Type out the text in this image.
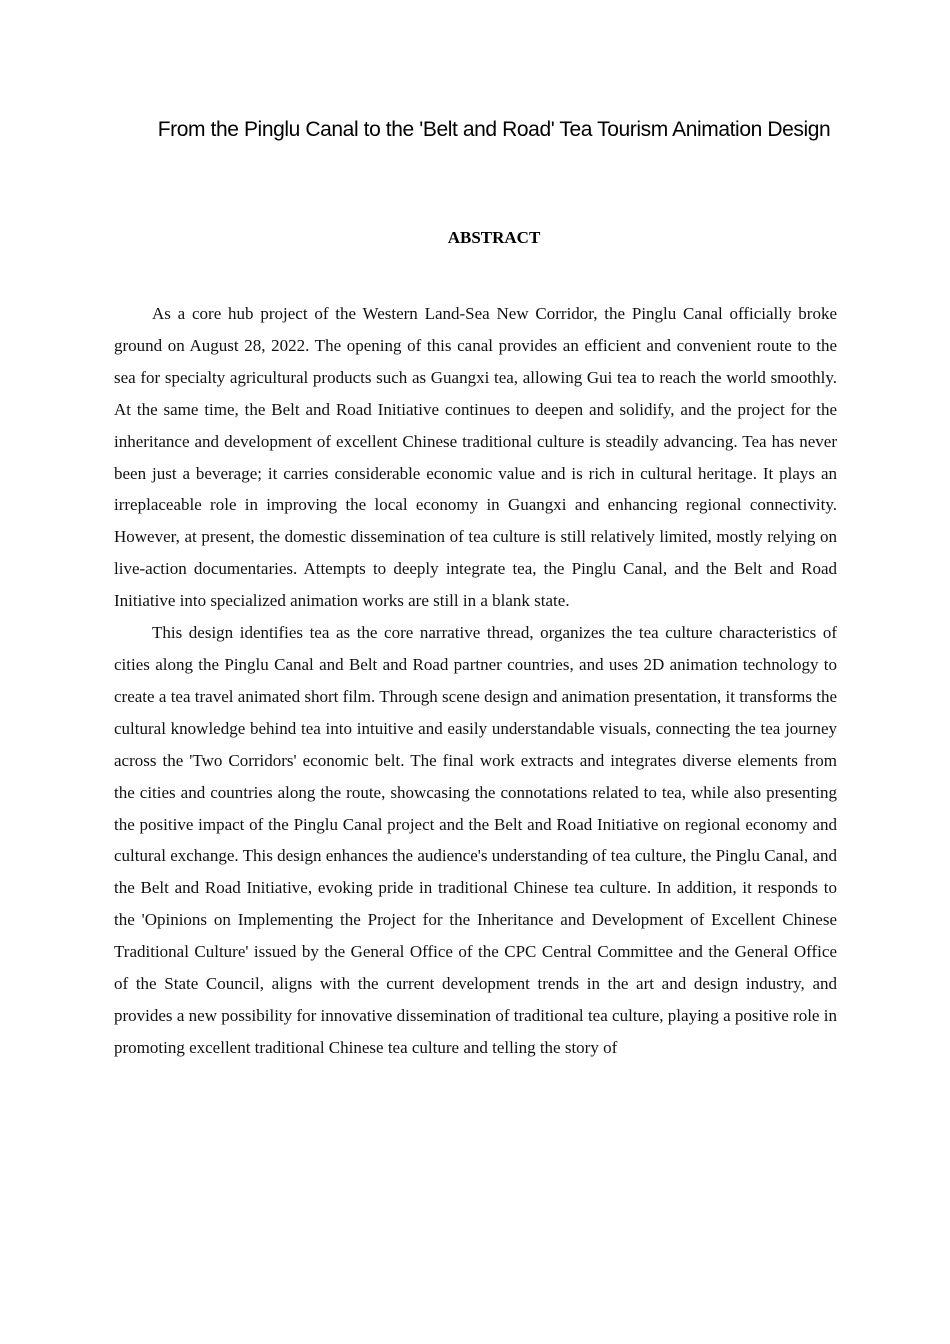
From the Pinglu Canal to the 'Belt and Road' Tea Tourism Animation Design
ABSTRACT

As a core hub project of the Western Land-Sea New Corridor, the Pinglu Canal officially broke ground on August 28, 2022. The opening of this canal provides an efficient and convenient route to the sea for specialty agricultural products such as Guangxi tea, allowing Gui tea to reach the world smoothly. At the same time, the Belt and Road Initiative continues to deepen and solidify, and the project for the inheritance and development of excellent Chinese traditional culture is steadily advancing. Tea has never been just a beverage; it carries considerable economic value and is rich in cultural heritage. It plays an irreplaceable role in improving the local economy in Guangxi and enhancing regional connectivity. However, at present, the domestic dissemination of tea culture is still relatively limited, mostly relying on live-action documentaries. Attempts to deeply integrate tea, the Pinglu Canal, and the Belt and Road Initiative into specialized animation works are still in a blank state.

This design identifies tea as the core narrative thread, organizes the tea culture characteristics of cities along the Pinglu Canal and Belt and Road partner countries, and uses 2D animation technology to create a tea travel animated short film. Through scene design and animation presentation, it transforms the cultural knowledge behind tea into intuitive and easily understandable visuals, connecting the tea journey across the 'Two Corridors' economic belt. The final work extracts and integrates diverse elements from the cities and countries along the route, showcasing the connotations related to tea, while also presenting the positive impact of the Pinglu Canal project and the Belt and Road Initiative on regional economy and cultural exchange. This design enhances the audience's understanding of tea culture, the Pinglu Canal, and the Belt and Road Initiative, evoking pride in traditional Chinese tea culture. In addition, it responds to the 'Opinions on Implementing the Project for the Inheritance and Development of Excellent Chinese Traditional Culture' issued by the General Office of the CPC Central Committee and the General Office of the State Council, aligns with the current development trends in the art and design industry, and provides a new possibility for innovative dissemination of traditional tea culture, playing a positive role in promoting excellent traditional Chinese tea culture and telling the story of
